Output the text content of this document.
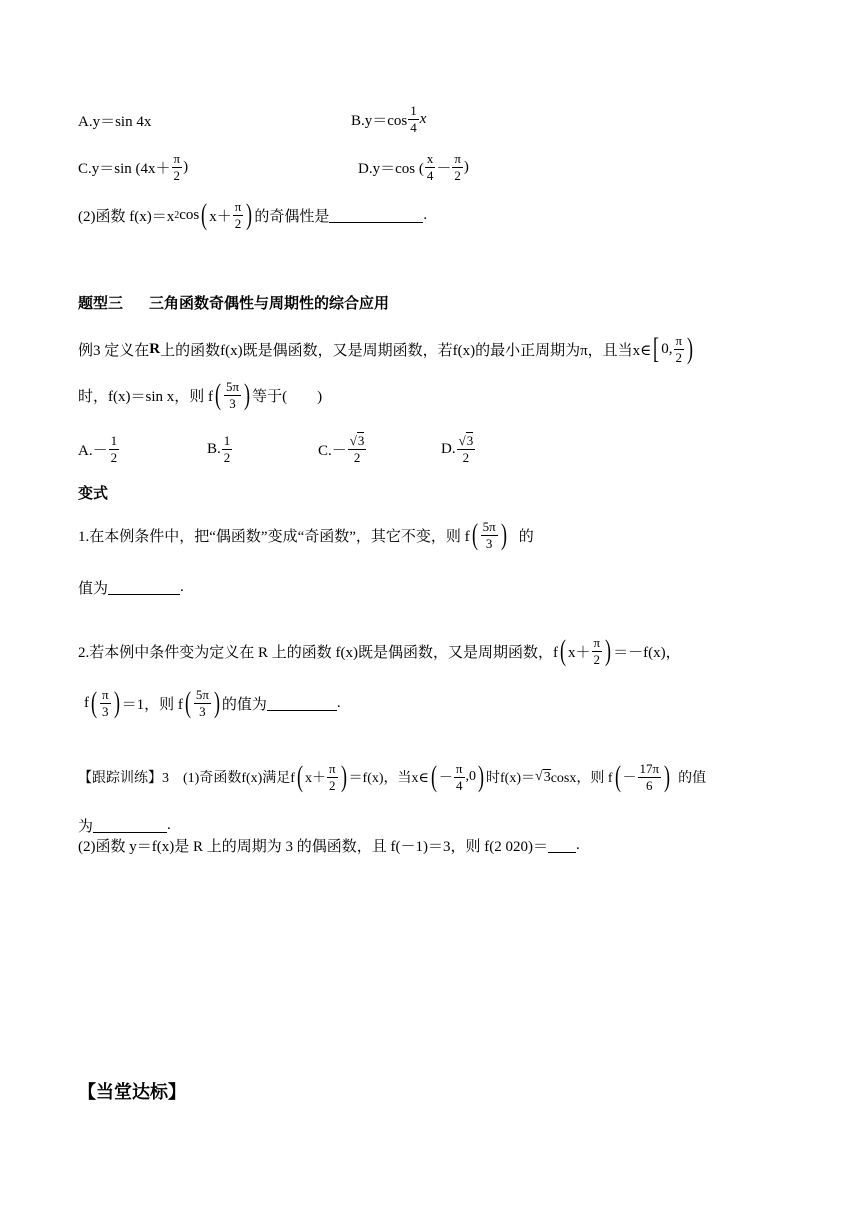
A.y＝sin 4x	$B.y=\cos \frac{1}{4}$ x
C.y＝sin ($4x+ \frac{\pi}{2}$ )	D.y＝cos ( $\frac{x}{4} - \frac{\pi}{2}$ )
(2)函数 f(x)＝x 2 cos ( $x+ \frac{\pi}{2}$ ) 的奇偶性是	.
题型三 三角函数奇偶性与周期性的综合应用
例3 定义在 R 上的函数f(x)既是偶函数，又是周期函数，若f(x)的最小正周期为π，且当x∈ [ 0, $\frac{\pi}{2}$ )
时，f(x)＝sin x，则 f ( $\frac{5\pi}{3}$ ) 等于(　　)
$A.- \frac{1}{2}$	B. $\frac{1}{2}$	$C.- \frac{√3}{2}$	D. $\frac{√3}{2}$
变式
1.在本例条件中，把“偶函数”变成“奇函数”，其它不变，则 f ( $\frac{5\pi}{3}$ ) 的
值为	.
2.若本例中条件变为定义在 R 上的函数 f(x)既是偶函数，又是周期函数，f ( $x+ \frac{\pi}{2}$ ) ＝－f(x)，
f ( $\frac{\pi}{3}$ ) ＝1，则 f ( $\frac{5\pi}{3}$ ) 的值为	.
【跟踪训练】3 (1)奇函数f(x)满足f ( $x+ \frac{\pi}{2}$ ) ＝f(x)，当x∈ ( － $\frac{\pi}{4} ,0$ ) 时f(x)＝ √ 3 cosx，则 f ( － $\frac{17\pi}{6}$ ) 的值
为	.
(2)函数 y＝f(x)是 R 上的周期为 3 的偶函数，且 f(－1)＝3，则 f(2 020)＝ .
【当堂达标】
